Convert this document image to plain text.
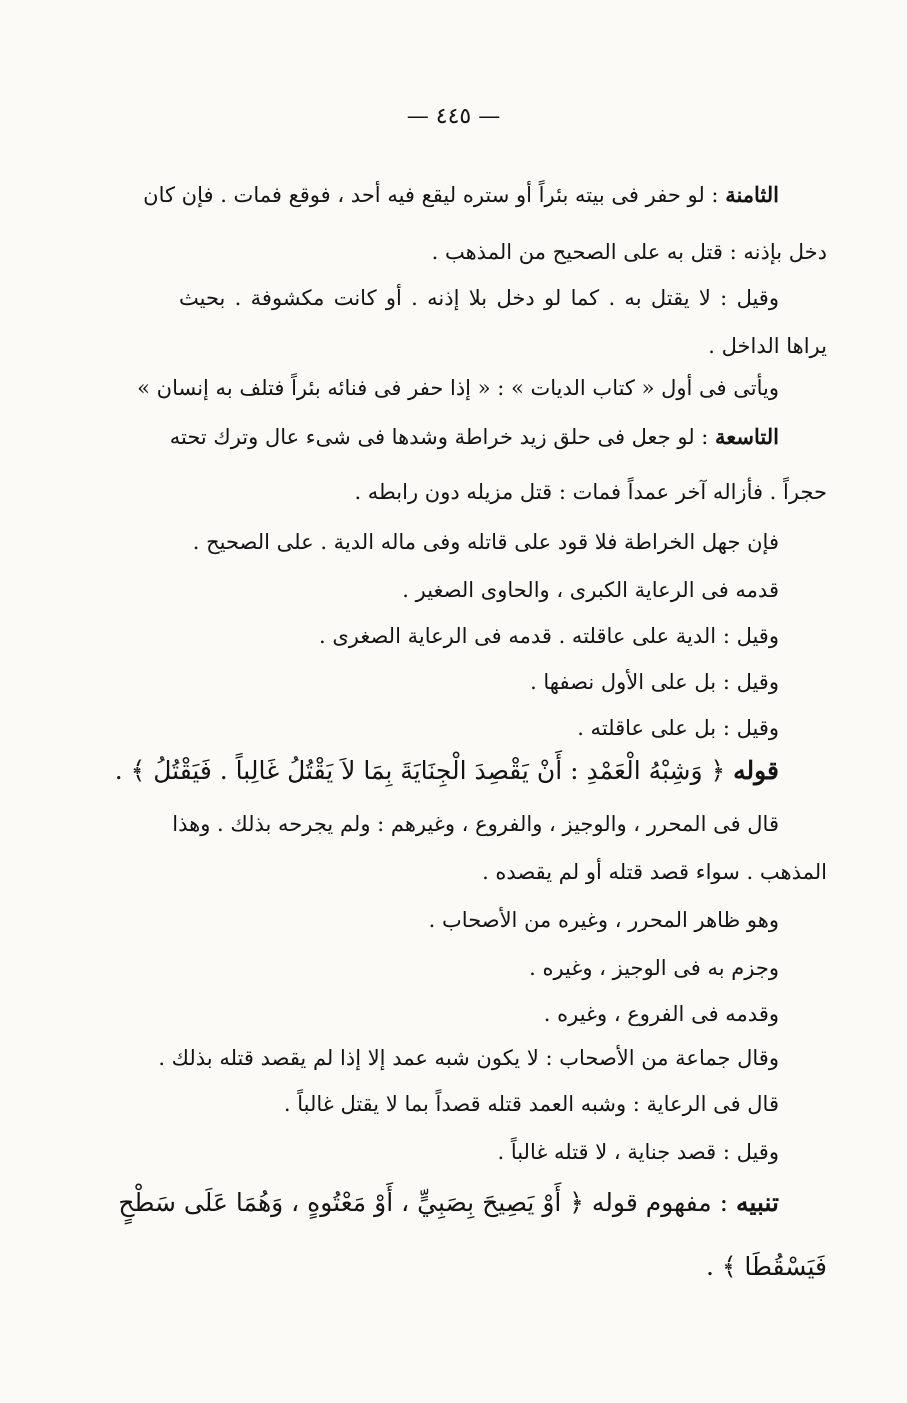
— ٤٤٥ —
الثامنة : لو حفر فى بيته بئراً أو ستره ليقع فيه أحد ، فوقع فمات . فإن كان
دخل بإذنه : قتل به على الصحيح من المذهب .
وقيل : لا يقتل به . كما لو دخل بلا إذنه . أو كانت مكشوفة . بحيث
يراها الداخل .
ويأتى فى أول « كتاب الديات » : « إذا حفر فى فنائه بئراً فتلف به إنسان »
التاسعة : لو جعل فى حلق زيد خراطة وشدها فى شىء عال وترك تحته
حجراً . فأزاله آخر عمداً فمات : قتل مزيله دون رابطه .
فإن جهل الخراطة فلا قود على قاتله وفى ماله الدية . على الصحيح .
قدمه فى الرعاية الكبرى ، والحاوى الصغير .
وقيل : الدية على عاقلته . قدمه فى الرعاية الصغرى .
وقيل : بل على الأول نصفها .
وقيل : بل على عاقلته .
قوله ﴿ وَشِبْهُ الْعَمْدِ : أَنْ يَقْصِدَ الْجِنَايَةَ بِمَا لاَ يَقْتُلُ غَالِباً . فَيَقْتُلُ ﴾ .
قال فى المحرر ، والوجيز ، والفروع ، وغيرهم : ولم يجرحه بذلك . وهذا
المذهب . سواء قصد قتله أو لم يقصده .
وهو ظاهر المحرر ، وغيره من الأصحاب .
وجزم به فى الوجيز ، وغيره .
وقدمه فى الفروع ، وغيره .
وقال جماعة من الأصحاب : لا يكون شبه عمد إلا إذا لم يقصد قتله بذلك .
قال فى الرعاية : وشبه العمد قتله قصداً بما لا يقتل غالباً .
وقيل : قصد جناية ، لا قتله غالباً .
تنبيه : مفهوم قوله ﴿ أَوْ يَصِيحَ بِصَبِيٍّ ، أَوْ مَعْتُوهٍ ، وَهُمَا عَلَى سَطْحٍ
فَيَسْقُطَا ﴾ .
